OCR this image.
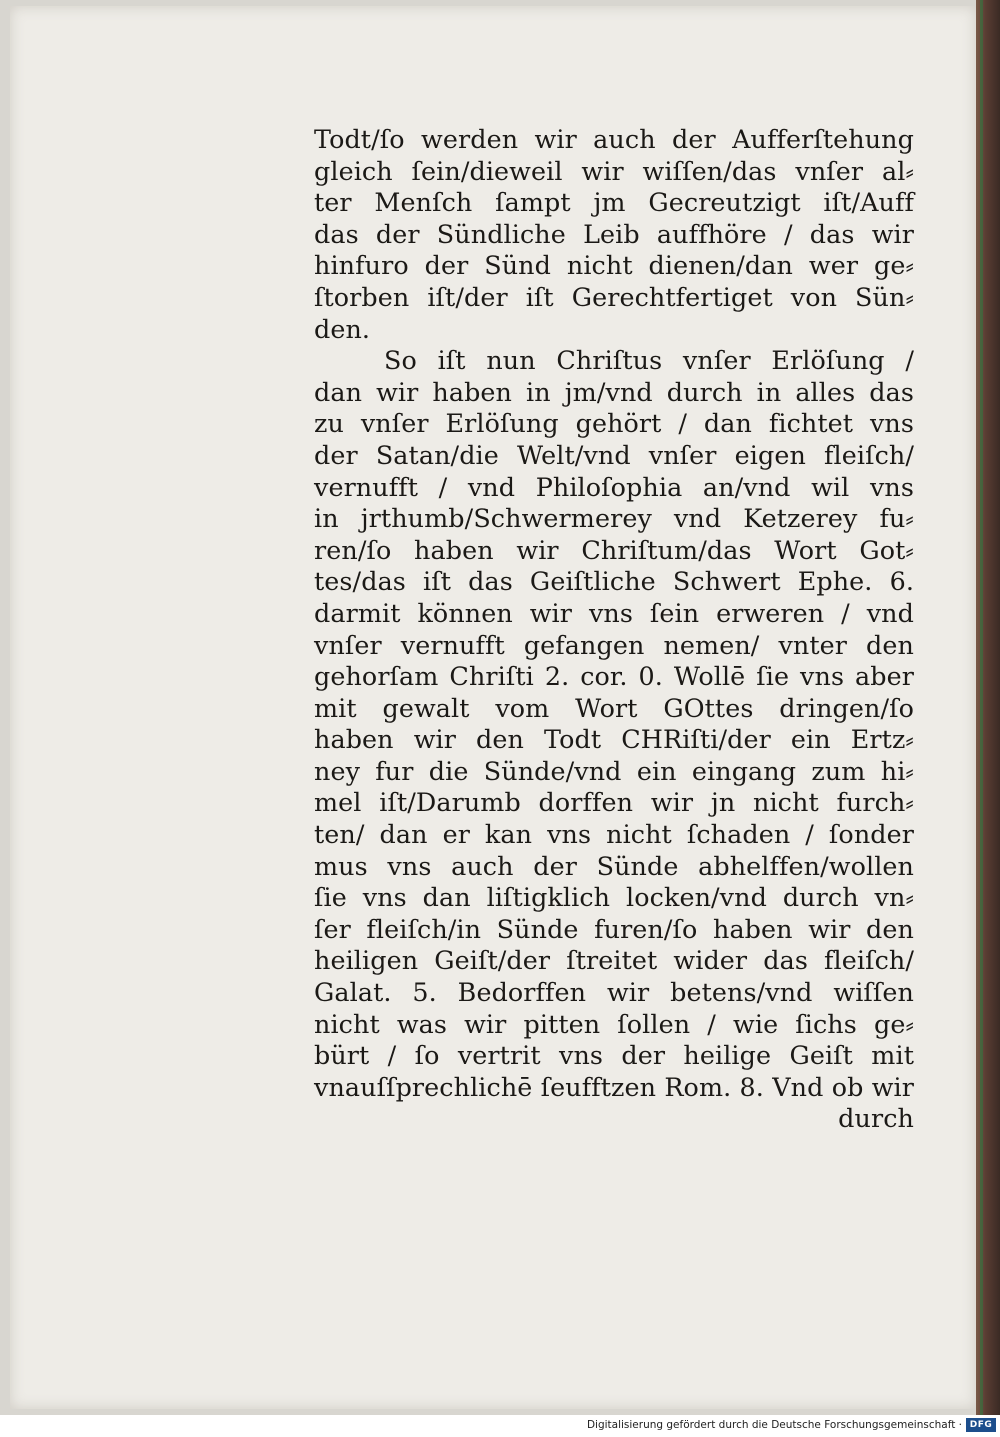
Todt/ſo werden wir auch der Aufferſtehung
gleich ſein/dieweil wir wiſſen/das vnſer al⸗
ter Menſch ſampt jm Gecreutzigt iſt/Auff
das der Sündliche Leib auffhöre / das wir
hinfuro der Sünd nicht dienen/dan wer ge⸗
ſtorben iſt/der iſt Gerechtfertiget von Sün⸗
den.
So iſt nun Chriſtus vnſer Erlöſung /
dan wir haben in jm/vnd durch in alles das
zu vnſer Erlöſung gehört / dan fichtet vns
der Satan/die Welt/vnd vnſer eigen fleiſch/
vernufft / vnd Philoſophia an/vnd wil vns
in jrthumb/Schwermerey vnd Ketzerey fu⸗
ren/ſo haben wir Chriſtum/das Wort Got⸗
tes/das iſt das Geiſtliche Schwert Ephe. 6.
darmit können wir vns ſein erweren / vnd
vnſer vernufft gefangen nemen/ vnter den
gehorſam Chriſti 2. cor. 0. Wollē ſie vns aber
mit gewalt vom Wort GOttes dringen/ſo
haben wir den Todt CHRiſti/der ein Ertz⸗
ney fur die Sünde/vnd ein eingang zum hi⸗
mel iſt/Darumb dorffen wir jn nicht furch⸗
ten/ dan er kan vns nicht ſchaden / ſonder
mus vns auch der Sünde abhelffen/wollen
ſie vns dan liſtigklich locken/vnd durch vn⸗
ſer fleiſch/in Sünde furen/ſo haben wir den
heiligen Geiſt/der ſtreitet wider das fleiſch/
Galat. 5. Bedorffen wir betens/vnd wiſſen
nicht was wir pitten ſollen / wie ſichs ge⸗
bürt / ſo vertrit vns der heilige Geiſt mit
vnauſſprechlichē ſeufftzen Rom. 8. Vnd ob wir
durch
Digitalisierung gefördert durch die Deutsche Forschungsgemeinschaft · DFG
